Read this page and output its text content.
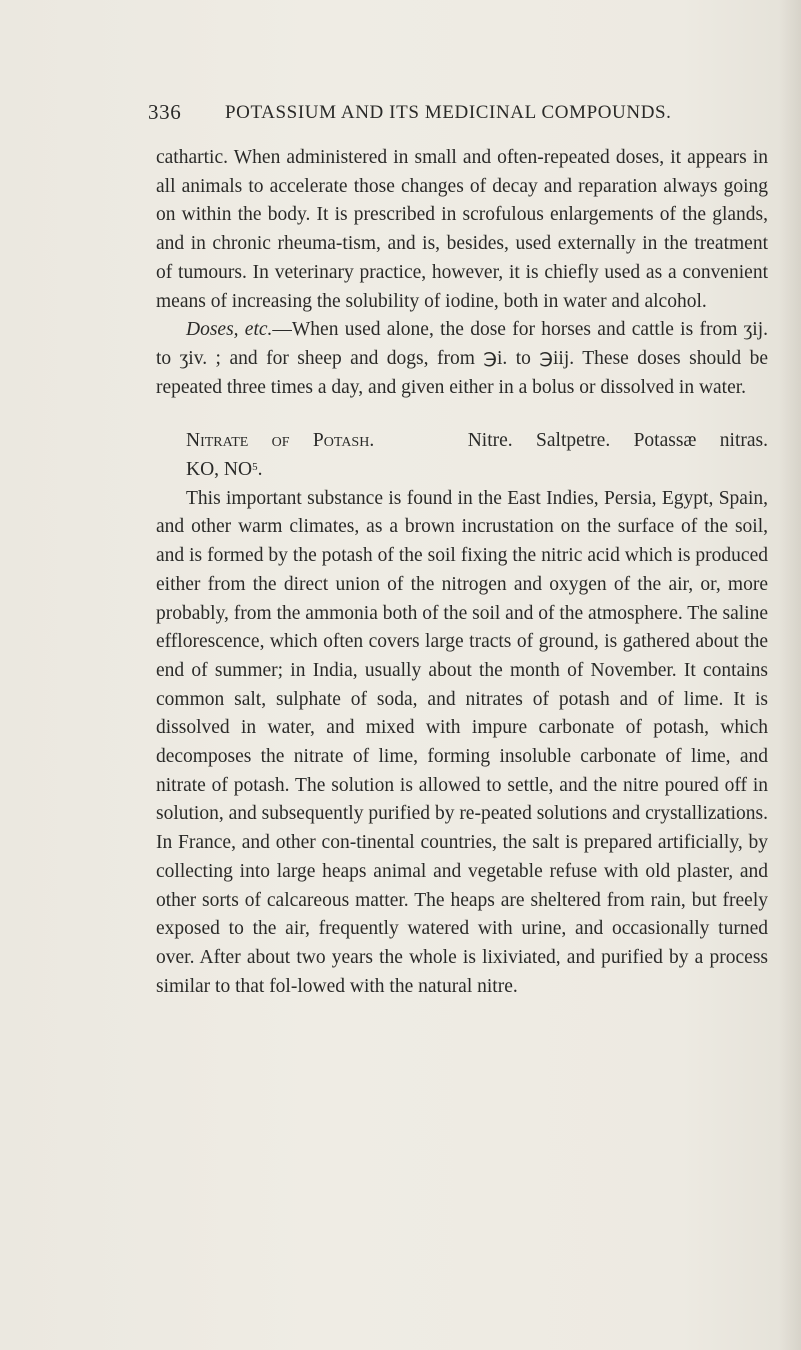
336 POTASSIUM AND ITS MEDICINAL COMPOUNDS.

cathartic. When administered in small and often-repeated doses, it appears in all animals to accelerate those changes of decay and reparation always going on within the body. It is prescribed in scrofulous enlargements of the glands, and in chronic rheuma-tism, and is, besides, used externally in the treatment of tumours. In veterinary practice, however, it is chiefly used as a convenient means of increasing the solubility of iodine, both in water and alcohol.

Doses, etc.—When used alone, the dose for horses and cattle is from ʒij. to ʒiv. ; and for sheep and dogs, from ℈i. to ℈iij. These doses should be repeated three times a day, and given either in a bolus or dissolved in water.

Nitrate of Potash.	Nitre. Saltpetre. Potassæ nitras.

KO, $NO^5$.

This important substance is found in the East Indies, Persia, Egypt, Spain, and other warm climates, as a brown incrustation on the surface of the soil, and is formed by the potash of the soil fixing the nitric acid which is produced either from the direct union of the nitrogen and oxygen of the air, or, more probably, from the ammonia both of the soil and of the atmosphere. The saline efflorescence, which often covers large tracts of ground, is gathered about the end of summer; in India, usually about the month of November. It contains common salt, sulphate of soda, and nitrates of potash and of lime. It is dissolved in water, and mixed with impure carbonate of potash, which decomposes the nitrate of lime, forming insoluble carbonate of lime, and nitrate of potash. The solution is allowed to settle, and the nitre poured off in solution, and subsequently purified by re-peated solutions and crystallizations. In France, and other con-tinental countries, the salt is prepared artificially, by collecting into large heaps animal and vegetable refuse with old plaster, and other sorts of calcareous matter. The heaps are sheltered from rain, but freely exposed to the air, frequently watered with urine, and occasionally turned over. After about two years the whole is lixiviated, and purified by a process similar to that fol-lowed with the natural nitre.
